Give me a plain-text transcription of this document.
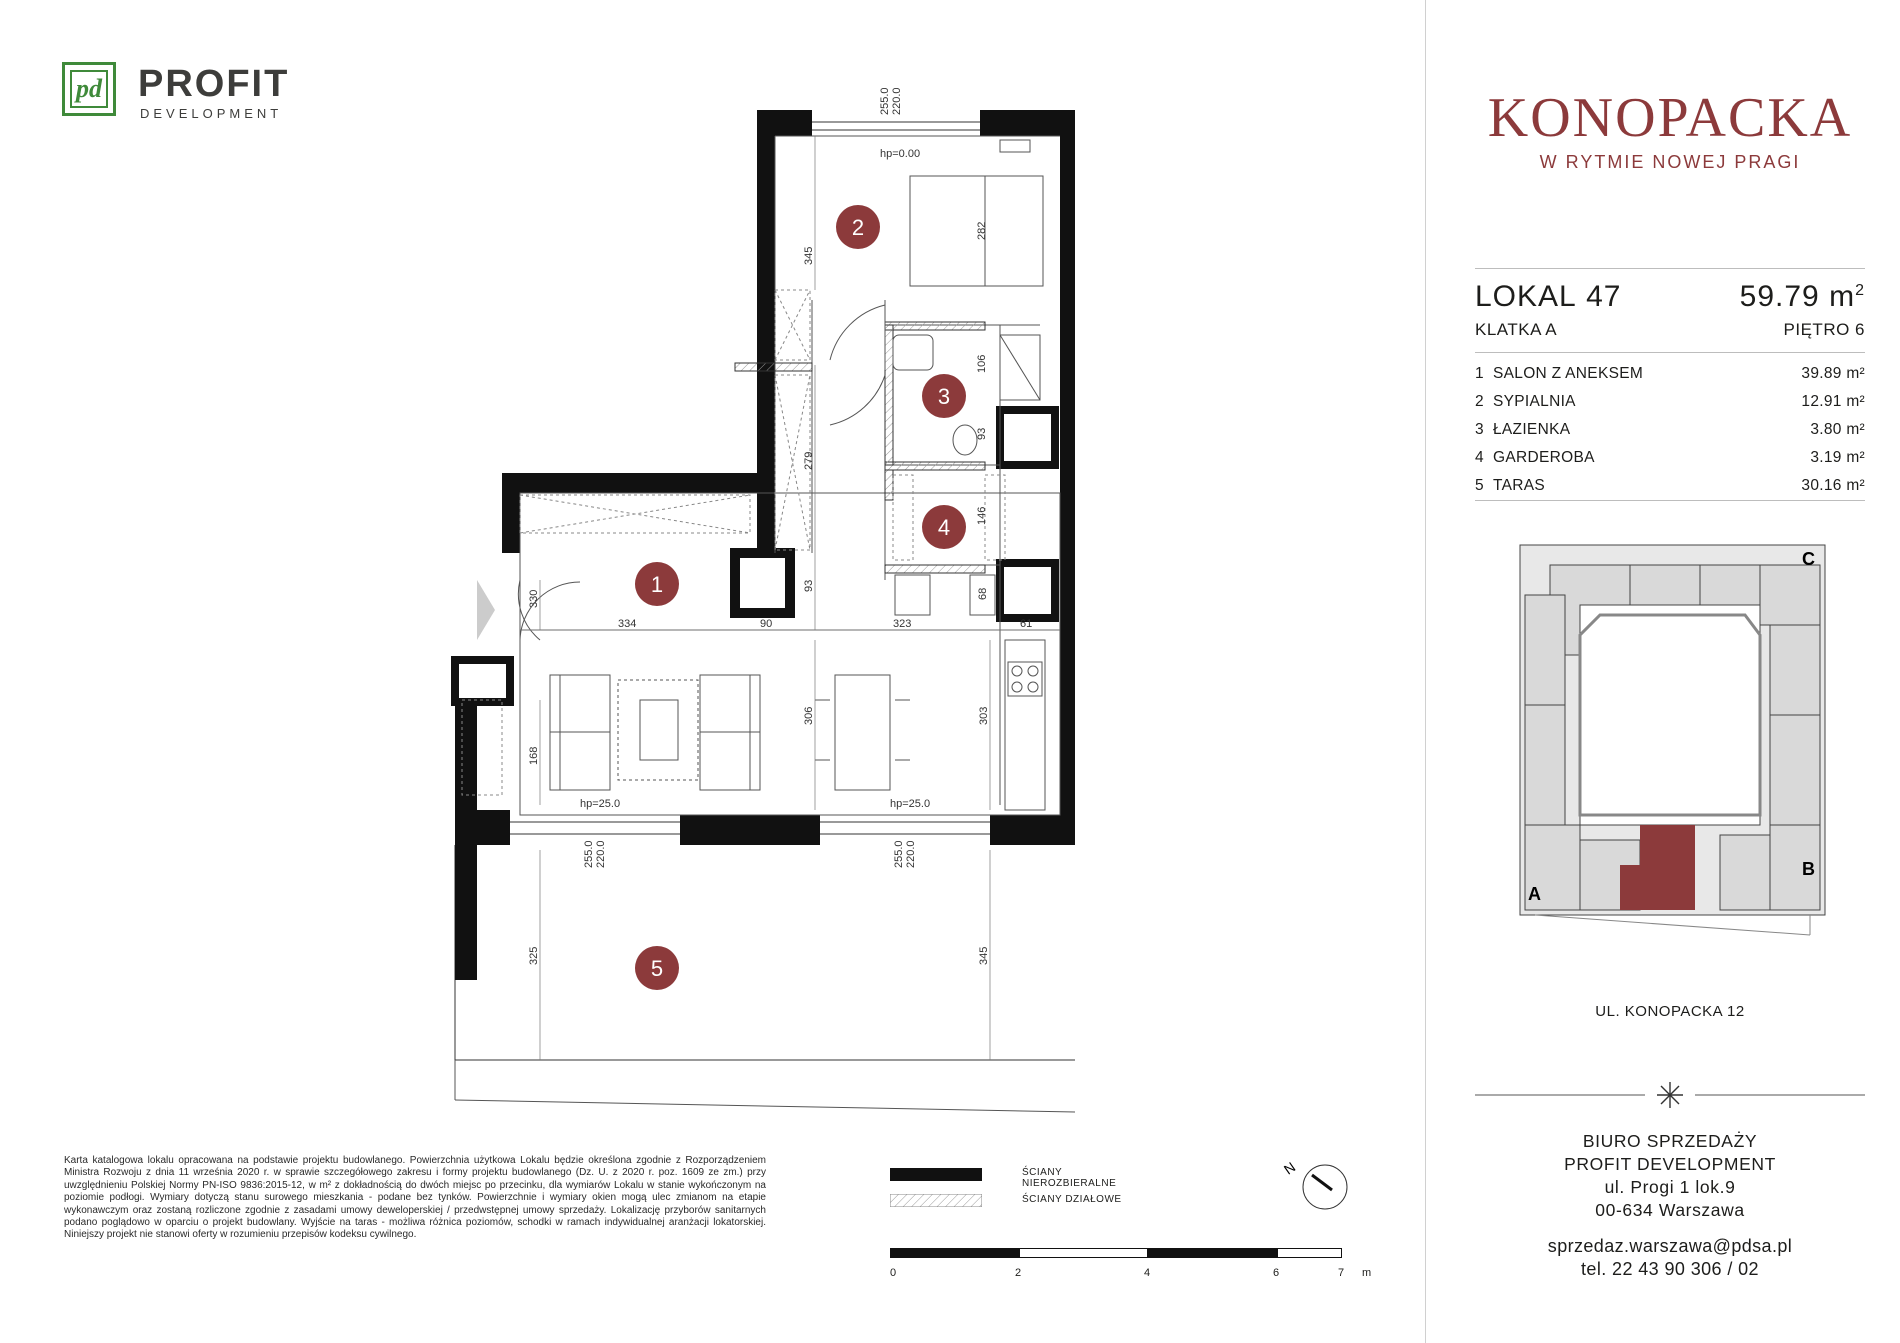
255.0 220.0
hp=0.00
345
282
106
93
279
146
93
330
334	90	323	61
68
306	303
168
hp=25.0	hp=25.0
255.0 220.0	255.0 220.0
325	345
1
2
3
4
5
pd PROFIT
DEVELOPMENT	KONOPACKA
W RYTMIE NOWEJ PRAGI
LOKAL 47	59.79 $m^2$
KLATKA A	PIĘTRO 6
1 SALON Z ANEKSEM	39.89 m²
2 SYPIALNIA	12.91 m²
3 ŁAZIENKA	3.80 m²
4 GARDEROBA	3.19 m²
5 TARAS	30.16 m²
A
B
C
UL. KONOPACKA 12
BIURO SPRZEDAŻY
PROFIT DEVELOPMENT
ul. Progi 1 lok.9
00-634 Warszawa
sprzedaz.warszawa@pdsa.pl
tel. 22 43 90 306 / 02
Karta katalogowa lokalu opracowana na podstawie projektu budowlanego. Powierzchnia użytkowa Lokalu będzie określona zgodnie z Rozporządzeniem Ministra Rozwoju z dnia 11 września 2020 r. w sprawie szczegółowego zakresu i formy projektu budowlanego (Dz. U. z 2020 r. poz. 1609 ze zm.) przy uwzględnieniu Polskiej Normy PN-ISO 9836:2015-12, w m² z dokładnością do dwóch miejsc po przecinku, dla wymiarów Lokalu w stanie wykończonym na poziomie podłogi. Wymiary dotyczą stanu surowego mieszkania - podane bez tynków. Powierzchnie i wymiary okien mogą ulec zmianom na etapie wykonawczym oraz zostaną rozliczone zgodnie z zasadami umowy deweloperskiej / przedwstępnej umowy sprzedaży. Lokalizację przyborów sanitarnych podano poglądowo w oparciu o projekt budowlany. Wyjście na taras - możliwa różnica poziomów, schodki w ramach indywidualnej aranżacji lokatorskiej. Niniejszy projekt nie stanowi oferty w rozumieniu przepisów kodeksu cywilnego.
ŚCIANY NIEROZBIERALNE
ŚCIANY DZIAŁOWE
N
0	2	4	6	7 m
